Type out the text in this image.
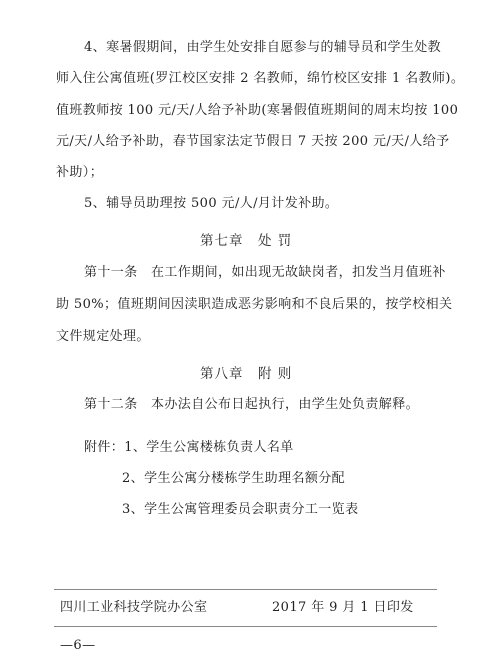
4、寒暑假期间，由学生处安排自愿参与的辅导员和学生处教
师入住公寓值班(罗江校区安排 2 名教师，绵竹校区安排 1 名教师)。
值班教师按 100 元/天/人给予补助(寒暑假值班期间的周末均按 100
元/天/人给予补助，春节国家法定节假日 7 天按 200 元/天/人给予
补助）；
5、辅导员助理按 500 元/人/月计发补助。
第七章　处 罚
第十一条　在工作期间，如出现无故缺岗者，扣发当月值班补
助 50%；值班期间因渎职造成恶劣影响和不良后果的，按学校相关
文件规定处理。
第八章　附 则
第十二条　本办法自公布日起执行，由学生处负责解释。
附件：1、学生公寓楼栋负责人名单
2、学生公寓分楼栋学生助理名额分配
3、学生公寓管理委员会职责分工一览表
四川工业科技学院办公室	2017 年 9 月 1 日印发
—6—
